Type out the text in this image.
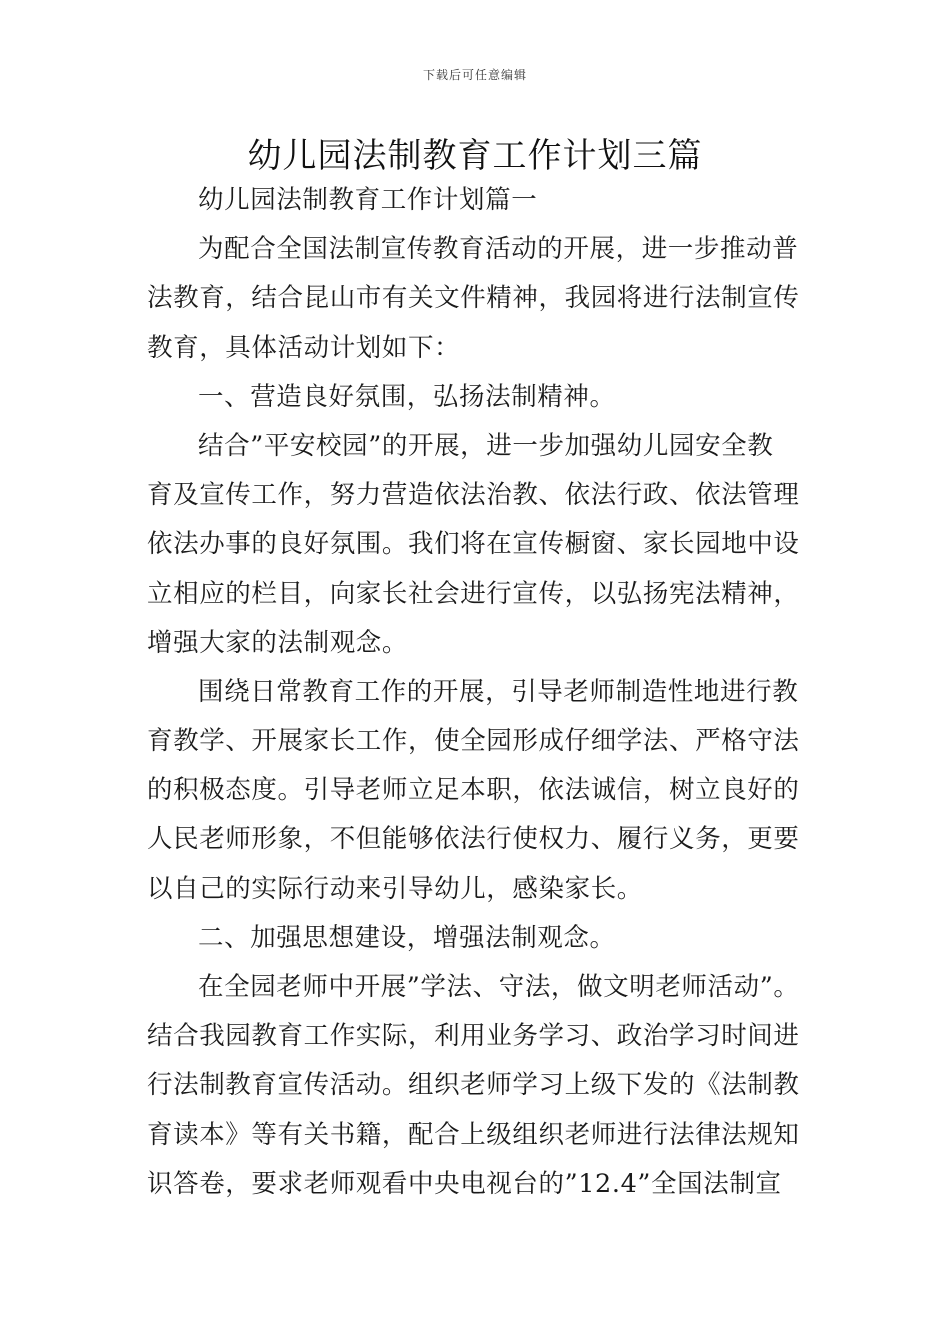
下载后可任意编辑
幼儿园法制教育工作计划三篇
幼儿园法制教育工作计划篇一
为配合全国法制宣传教育活动的开展，进一步推动普
法教育，结合昆山市有关文件精神，我园将进行法制宣传
教育，具体活动计划如下：
一、营造良好氛围，弘扬法制精神。
结合”平安校园”的开展，进一步加强幼儿园安全教
育及宣传工作，努力营造依法治教、依法行政、依法管理
依法办事的良好氛围。我们将在宣传橱窗、家长园地中设
立相应的栏目，向家长社会进行宣传，以弘扬宪法精神，
增强大家的法制观念。
围绕日常教育工作的开展，引导老师制造性地进行教
育教学、开展家长工作，使全园形成仔细学法、严格守法
的积极态度。引导老师立足本职，依法诚信，树立良好的
人民老师形象，不但能够依法行使权力、履行义务，更要
以自己的实际行动来引导幼儿，感染家长。
二、加强思想建设，增强法制观念。
在全园老师中开展”学法、守法，做文明老师活动”。
结合我园教育工作实际，利用业务学习、政治学习时间进
行法制教育宣传活动。组织老师学习上级下发的《法制教
育读本》等有关书籍，配合上级组织老师进行法律法规知
识答卷，要求老师观看中央电视台的”12.4”全国法制宣
